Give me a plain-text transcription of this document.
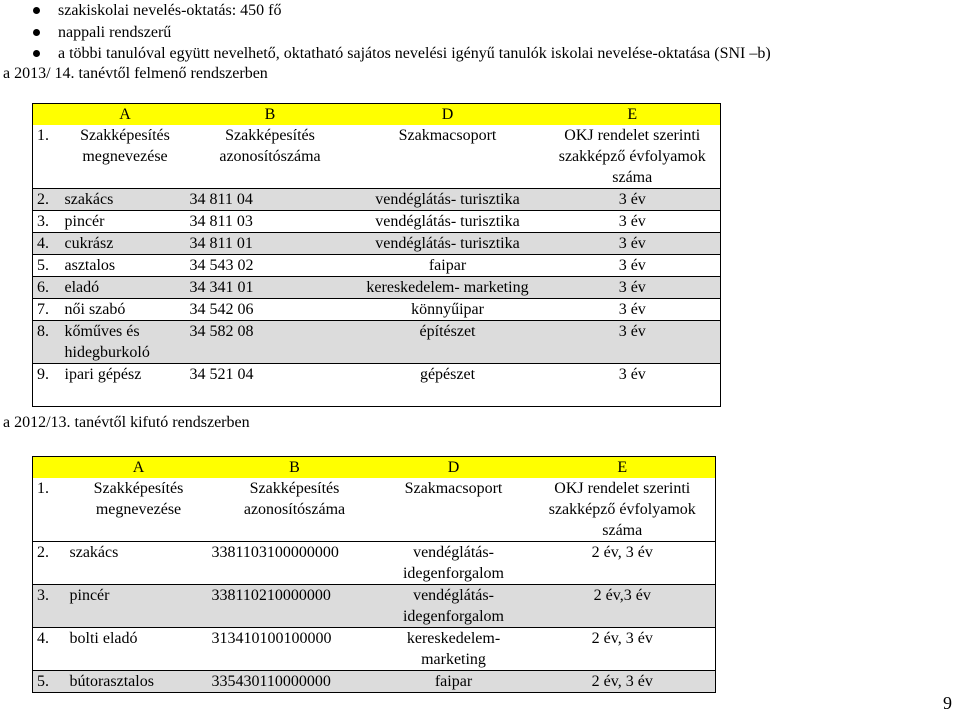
szakiskolai nevelés-oktatás: 450 fő
nappali rendszerű
a többi tanulóval együtt nevelhető, oktatható sajátos nevelési igényű tanulók iskolai nevelése-oktatása (SNI –b)
a 2013/ 14. tanévtől felmenő rendszerben
	A	B	D	E
1.	Szakképesítés megnevezése	Szakképesítés azonosítószáma	Szakmacsoport	OKJ rendelet szerinti szakképző évfolyamok száma
2.	szakács	34 811 04	vendéglátás- turisztika	3 év
3.	pincér	34 811 03	vendéglátás- turisztika	3 év
4.	cukrász	34 811 01	vendéglátás- turisztika	3 év
5.	asztalos	34 543 02	faipar	3 év
6.	eladó	34 341 01	kereskedelem- marketing	3 év
7.	női szabó	34 542 06	könnyűipar	3 év
8.	kőműves és hidegburkoló	34 582 08	építészet	3 év
9.	ipari gépész	34 521 04	gépészet	3 év
a 2012/13. tanévtől kifutó rendszerben
	A	B	D	E
1.	Szakképesítés megnevezése	Szakképesítés azonosítószáma	Szakmacsoport	OKJ rendelet szerinti szakképző évfolyamok száma
2.	szakács	3381103100000000	vendéglátás-idegenforgalom	2 év, 3 év
3.	pincér	338110210000000	vendéglátás-idegenforgalom	2 év,3 év
4.	bolti eladó	313410100100000	kereskedelem-marketing	2 év, 3 év
5.	bútorasztalos	335430110000000	faipar	2 év, 3 év
9
